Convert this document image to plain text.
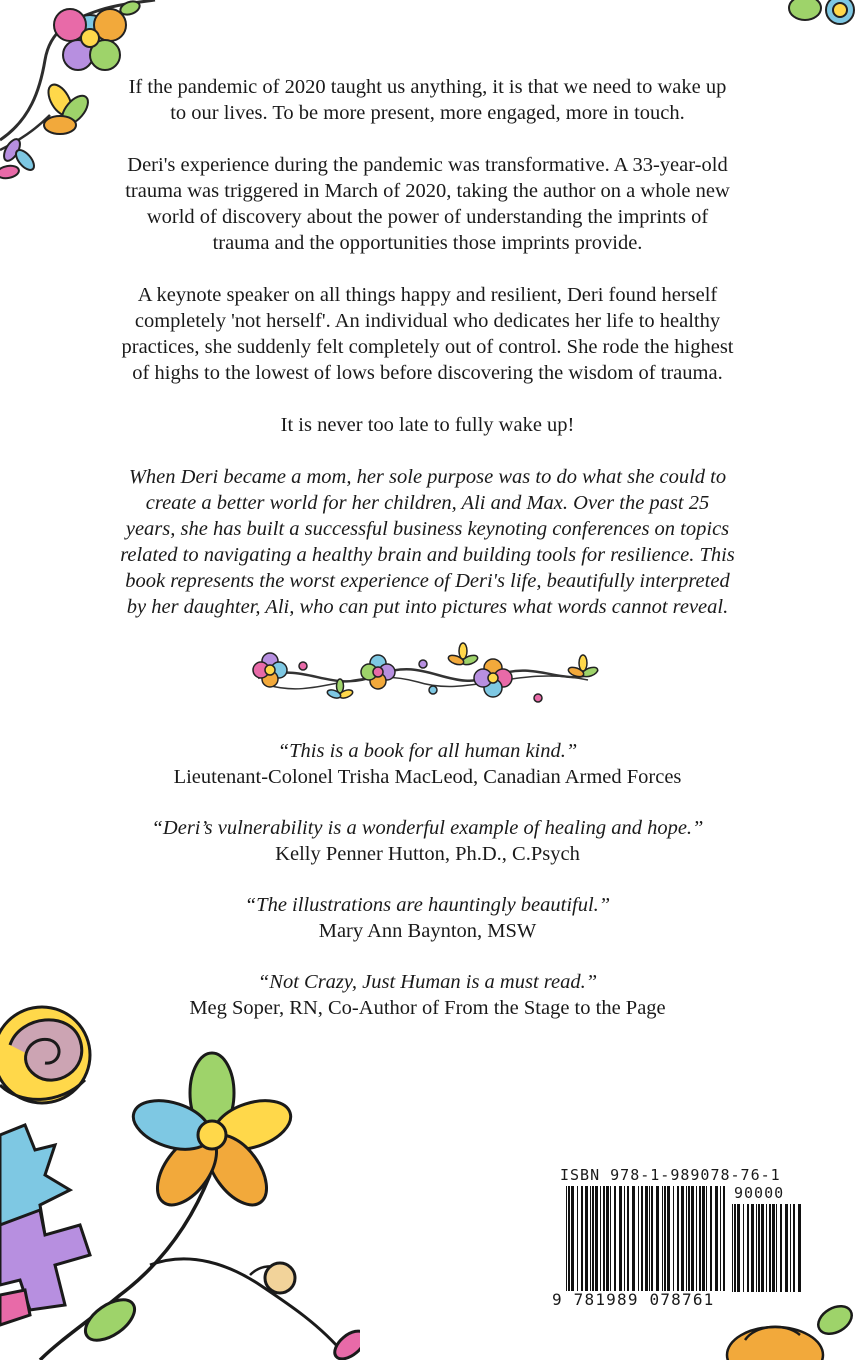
If the pandemic of 2020 taught us anything, it is that we need to wake up to our lives. To be more present, more engaged, more in touch.

Deri's experience during the pandemic was transformative. A 33-year-old trauma was triggered in March of 2020, taking the author on a whole new world of discovery about the power of understanding the imprints of trauma and the opportunities those imprints provide.

A keynote speaker on all things happy and resilient, Deri found herself completely 'not herself'. An individual who dedicates her life to healthy practices, she suddenly felt completely out of control. She rode the highest of highs to the lowest of lows before discovering the wisdom of trauma.

It is never too late to fully wake up!

When Deri became a mom, her sole purpose was to do what she could to create a better world for her children, Ali and Max. Over the past 25 years, she has built a successful business keynoting conferences on topics related to navigating a healthy brain and building tools for resilience. This book represents the worst experience of Deri's life, beautifully interpreted by her daughter, Ali, who can put into pictures what words cannot reveal.

“This is a book for all human kind.”
Lieutenant-Colonel Trisha MacLeod, Canadian Armed Forces
“Deri’s vulnerability is a wonderful example of healing and hope.”
Kelly Penner Hutton, Ph.D., C.Psych
“The illustrations are hauntingly beautiful.”
Mary Ann Baynton, MSW
“Not Crazy, Just Human is a must read.”
Meg Soper, RN, Co-Author of From the Stage to the Page
ISBN 978-1-989078-76-1
90000
9 781989 078761
